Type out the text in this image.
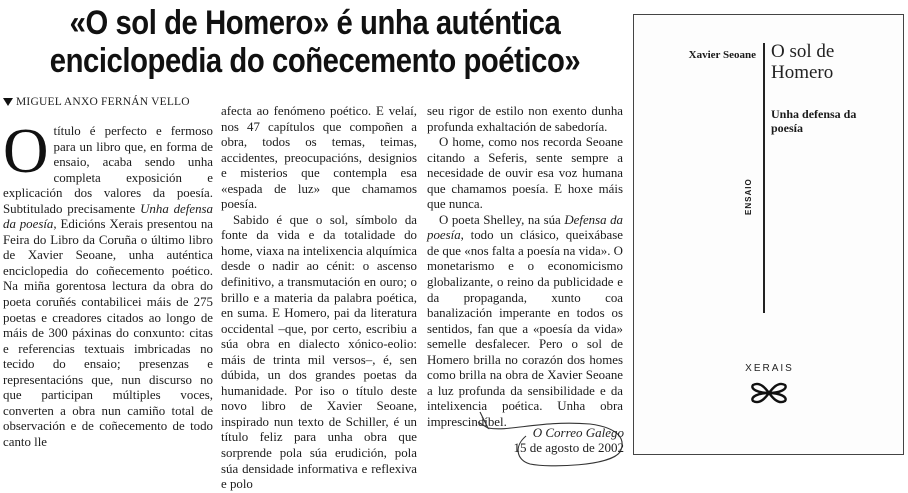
«O sol de Homero» é unha auténtica
enciclopedia do coñecemento poético»
MIGUEL ANXO FERNÁN VELLO

Otítulo é perfecto e fermoso para un libro que, en forma de ensaio, acaba sendo unha completa exposición e explicación dos valores da poesía. Subtitulado precisamente Unha defensa da poesía, Edicións Xerais presentou na Feira do Libro da Coruña o último libro de Xavier Seoane, unha auténtica enciclopedia do coñecemento poético. Na miña gorentosa lectura da obra do poeta coruñés contabilicei máis de 275 poetas e creadores citados ao longo de máis de 300 páxinas do conxunto: citas e referencias textuais imbricadas no tecido do ensaio; presenzas e representacións que, nun discurso no que participan múltiples voces, converten a obra nun camiño total de observación e de coñecemento de todo canto lle

afecta ao fenómeno poético. E velaí, nos 47 capítulos que compoñen a obra, todos os temas, teimas, accidentes, preocupacións, designios e misterios que contempla esa «espada de luz» que chamamos poesía.

Sabido é que o sol, símbolo da fonte da vida e da totalidade do home, viaxa na intelixencia alquímica desde o nadir ao cénit: o ascenso definitivo, a transmutación en ouro; o brillo e a materia da palabra poética, en suma. E Homero, pai da literatura occidental –que, por certo, escribiu a súa obra en dialecto xónico-eolio: máis de trinta mil versos–, é, sen dúbida, un dos grandes poetas da humanidade. Por iso o título deste novo libro de Xavier Seoane, inspirado nun texto de Schiller, é un título feliz para unha obra que sorprende pola súa erudición, pola súa densidade informativa e reflexiva e polo

seu rigor de estilo non exento dunha profunda exhaltación de sabedoría.

O home, como nos recorda Seoane citando a Seferis, sente sempre a necesidade de ouvir esa voz humana que chamamos poesía. E hoxe máis que nunca.

O poeta Shelley, na súa Defensa da poesía, todo un clásico, queixábase de que «nos falta a poesía na vida». O monetarismo e o economicismo globalizante, o reino da publicidade e da propaganda, xunto coa banalización imperante en todos os sentidos, fan que a «poesía da vida» semelle desfalecer. Pero o sol de Homero brilla no corazón dos homes como brilla na obra de Xavier Seoane a luz profunda da sensibilidade e da intelixencia poética. Unha obra imprescindíbel.

O Correo Galego
15 de agosto de 2002
Xavier Seoane O sol de Homero
Unha defensa da poesía
ENSAIO
XERAIS
